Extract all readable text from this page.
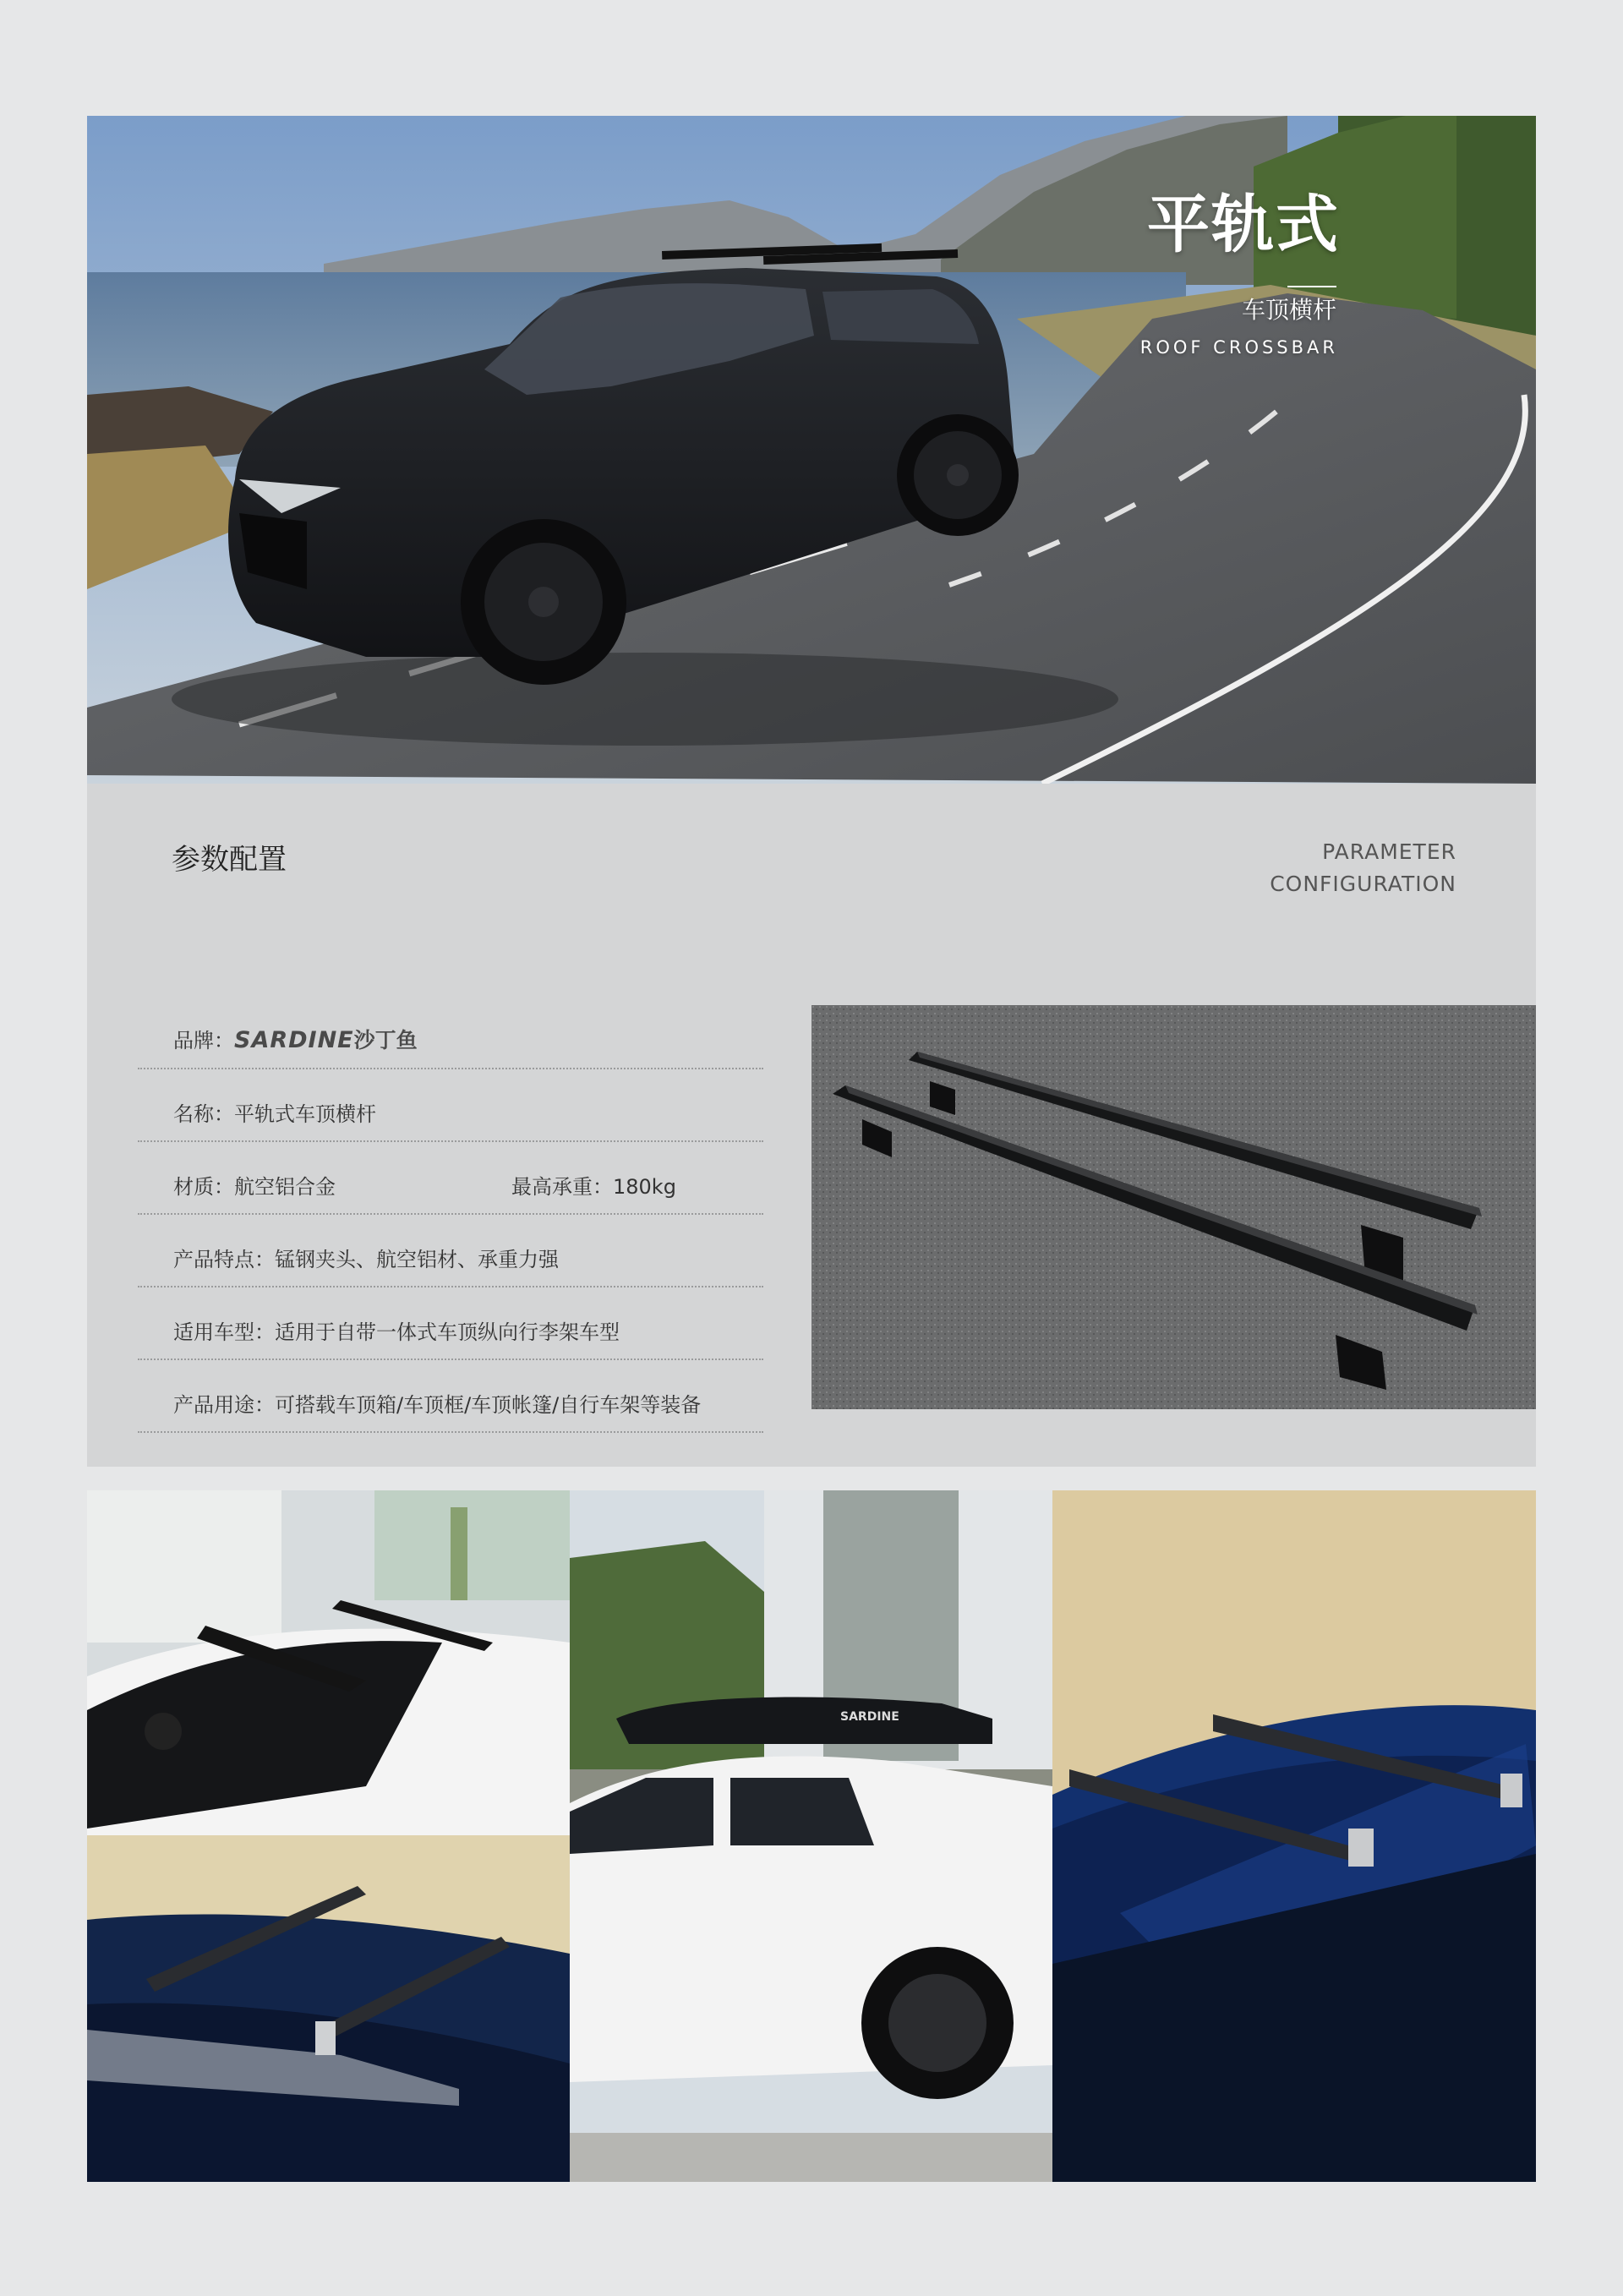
平轨式
车顶横杆
ROOF CROSSBAR
参数配置	PARAMETER
CONFIGURATION
品牌：SARDINE沙丁鱼
名称：平轨式车顶横杆
材质：航空铝合金	最高承重：180kg
产品特点：锰钢夹头、航空铝材、承重力强
适用车型：适用于自带一体式车顶纵向行李架车型
产品用途：可搭载车顶箱/车顶框/车顶帐篷/自行车架等装备
SARDINE
